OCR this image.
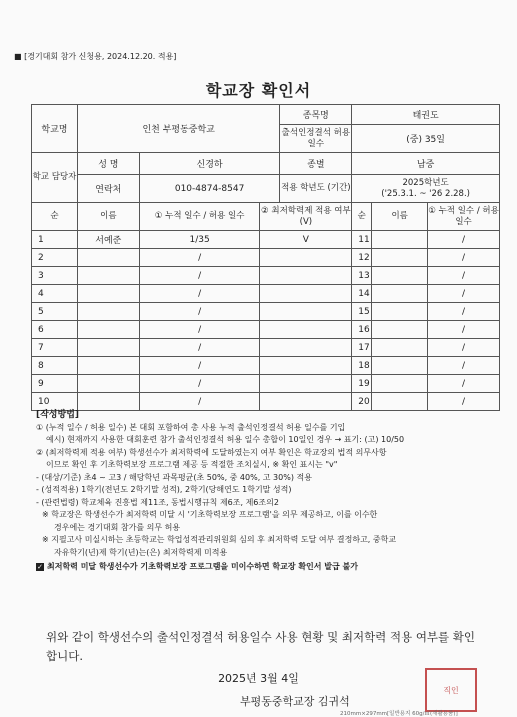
■ [경기대회 참가 신청용, 2024.12.20. 적용]
학교장 확인서
학교명	인천 부평동중학교			종목명	태권도		
				출석인정결석 허용 일수	(중) 35일		
학교 담당자	성 명	신경하		종별	남중		
	연락처	010-4874-8547		적용 학년도 (기간)	2025학년도
('25.3.1. ~ '26 2.28.)		

순	이름	① 누적 일수 / 허용 일수	② 최저학력제 적용 여부(V)		순	이름	① 누적 일수 / 허용 일수
1	서예준	1/35	V		11		/
2		/			12		/
3		/			13		/
4		/			14		/
5		/			15		/
6		/			16		/
7		/			17		/
8		/			18		/
9		/			19		/
10		/			20		/
[작성방법]
① (누적 일수 / 허용 일수) 본 대회 포함하여 총 사용 누적 출석인정결석 허용 일수를 기입
예시) 현재까지 사용한 대회훈련 참가 출석인정결석 허용 일수 총합이 10일인 경우 → 표기: (고) 10/50
② (최저학력제 적용 여부) 학생선수가 최저학력에 도달하였는지 여부 확인은 학교장의 법적 의무사항
이므로 확인 후 기초학력보장 프로그램 제공 등 적절한 조치실시, ※ 확인 표시는 "v"
- (대상/기준) 초4 ~ 고3 / 해당학년 과목평균(초 50%, 중 40%, 고 30%) 적용
- (성적적용) 1학기(전년도 2학기말 성적), 2학기(당해연도 1학기말 성적)
- (관련법령) 학교체육 진흥법 제11조, 동법시행규칙 제6조, 제6조의2
※ 학교장은 학생선수가 최저학력 미달 시 '기초학력보장 프로그램'을 의무 제공하고, 이를 이수한
경우에는 경기대회 참가를 의무 허용
※ 지필고사 미실시하는 초등학교는 학업성적관리위원회 심의 후 최저학력 도달 여부 결정하고, 중학교
자유학기(년)제 학기(년)는(은) 최저학력제 미적용
✓ 최저학력 미달 학생선수가 기초학력보장 프로그램을 미이수하면 학교장 확인서 발급 불가
위와 같이 학생선수의 출석인정결석 허용일수 사용 현황 및 최저학력 적용 여부를 확인합니다.
2025년 3월 4일
부평동중학교장 김귀석
직인
210mm×297mm[일반용지 60g/㎡(재활용품)]
